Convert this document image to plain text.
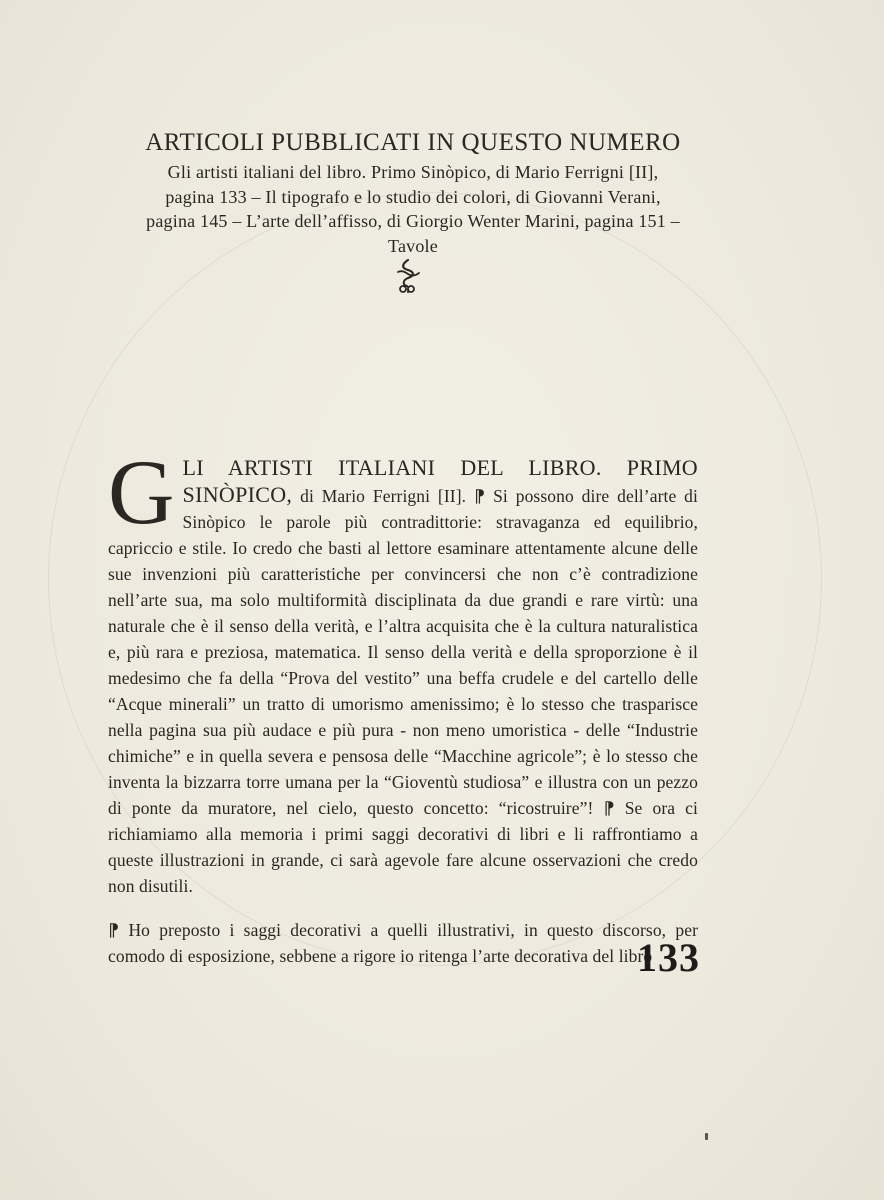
ARTICOLI PUBBLICATI IN QUESTO NUMERO
Gli artisti italiani del libro. Primo Sinòpico, di Mario Ferrigni [II], pagina 133 – Il tipografo e lo studio dei colori, di Giovanni Verani, pagina 145 – L’arte dell’affisso, di Giorgio Wenter Marini, pagina 151 – Tavole

G LI ARTISTI ITALIANI DEL LIBRO. PRIMO SINÒPICO, di Mario Ferrigni [II]. ⁋ Si possono dire dell’arte di Sinòpico le parole più contradittorie: stravaganza ed equilibrio, capriccio e stile. Io credo che basti al lettore esaminare attentamente alcune delle sue invenzioni più caratteristiche per convincersi che non c’è contradizione nell’arte sua, ma solo multiformità disciplinata da due grandi e rare virtù: una naturale che è il senso della verità, e l’altra acquisita che è la cultura naturalistica e, più rara e preziosa, matematica. Il senso della verità e della sproporzione è il medesimo che fa della “Prova del vestito” una beffa crudele e del cartello delle “Acque minerali” un tratto di umorismo amenissimo; è lo stesso che trasparisce nella pagina sua più audace e più pura - non meno umoristica - delle “Industrie chimiche” e in quella severa e pensosa delle “Macchine agricole”; è lo stesso che inventa la bizzarra torre umana per la “Gioventù studiosa” e illustra con un pezzo di ponte da muratore, nel cielo, questo concetto: “ricostruire”! ⁋ Se ora ci richiamiamo alla memoria i primi saggi decorativi di libri e li raffrontiamo a queste illustrazioni in grande, ci sarà agevole fare alcune osservazioni che credo non disutili.

⁋ Ho preposto i saggi decorativi a quelli illustrativi, in questo discorso, per comodo di esposizione, sebbene a rigore io ritenga l’arte decorativa del libro

133
